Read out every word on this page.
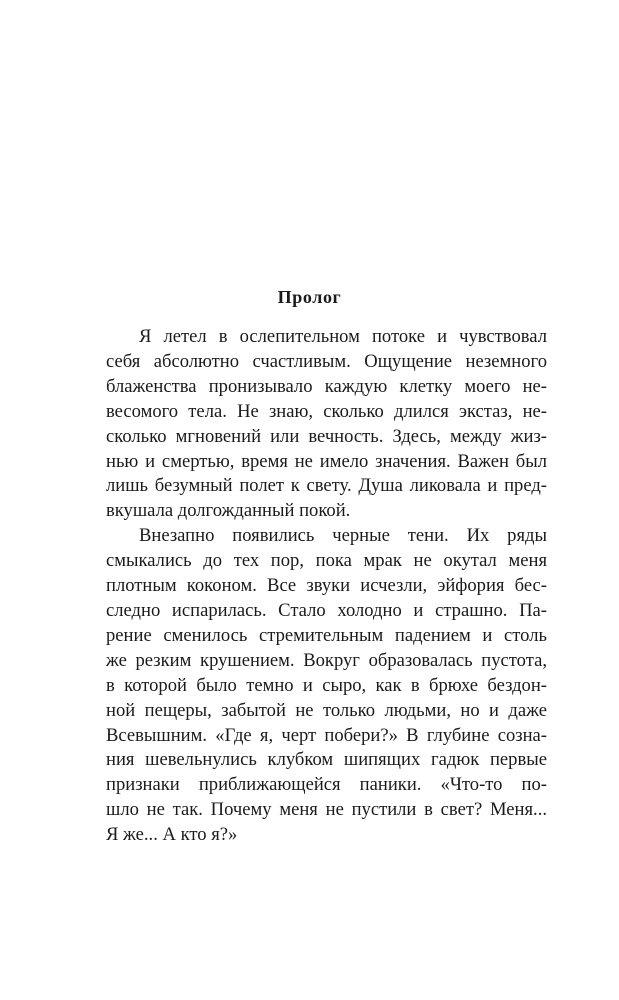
Пролог
Я летел в ослепительном потоке и чувствовал
себя абсолютно счастливым. Ощущение неземного
блаженства пронизывало каждую клетку моего не-
весомого тела. Не знаю, сколько длился экстаз, не-
сколько мгновений или вечность. Здесь, между жиз-
нью и смертью, время не имело значения. Важен был
лишь безумный полет к свету. Душа ликовала и пред-
вкушала долгожданный покой.
Внезапно появились черные тени. Их ряды
смыкались до тех пор, пока мрак не окутал меня
плотным коконом. Все звуки исчезли, эйфория бес-
следно испарилась. Стало холодно и страшно. Па-
рение сменилось стремительным падением и столь
же резким крушением. Вокруг образовалась пустота,
в которой было темно и сыро, как в брюхе бездон-
ной пещеры, забытой не только людьми, но и даже
Всевышним. «Где я, черт побери?» В глубине созна-
ния шевельнулись клубком шипящих гадюк первые
признаки приближающейся паники. «Что-то по-
шло не так. Почему меня не пустили в свет? Меня...
Я же... А кто я?»
